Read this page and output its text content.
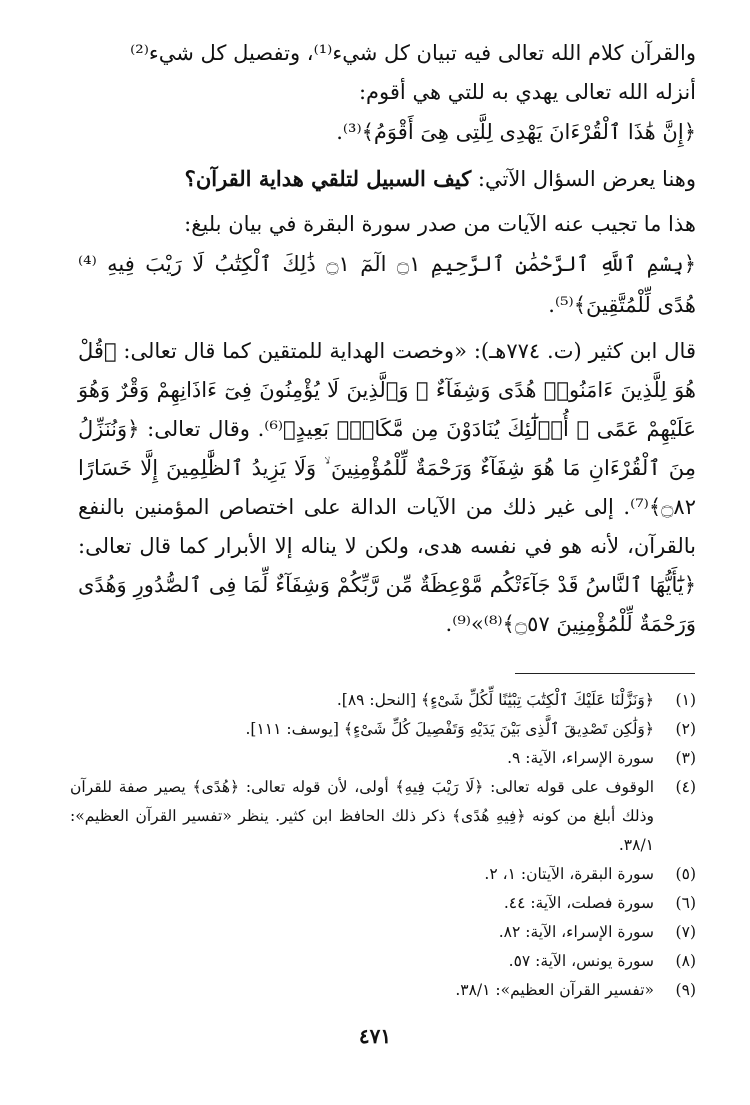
والقرآن كلام الله تعالى فيه تبيان كل شيء⁽¹⁾، وتفصيل كل شيء⁽²⁾
أنزله الله تعالى يهدي به للتي هي أقوم:
﴿إِنَّ هَٰذَا ٱلْقُرْءَانَ يَهْدِى لِلَّتِى هِىَ أَقْوَمُ﴾⁽³⁾.
وهنا يعرض السؤال الآتي: كيف السبيل لتلقي هداية القرآن؟
هذا ما تجيب عنه الآيات من صدر سورة البقرة في بيان بليغ:
﴿بِسْمِ ٱللَّهِ ٱلرَّحْمَٰنِ ٱلرَّحِيمِ ۝١ الٓمٓ ۝١ ذَٰلِكَ ٱلْكِتَٰبُ لَا رَيْبَ فِيهِ ⁽⁴⁾ هُدًى لِّلْمُتَّقِينَ﴾⁽⁵⁾.
قال ابن كثير (ت. ٧٧٤هـ): «وخصت الهداية للمتقين كما قال تعالى: ﴿قُلْ هُوَ لِلَّذِينَ ءَامَنُوا۟ هُدًى وَشِفَآءٌ ۖ وَٱلَّذِينَ لَا يُؤْمِنُونَ فِىٓ ءَاذَانِهِمْ وَقْرٌ وَهُوَ عَلَيْهِمْ عَمًى ۚ أُو۟لَٰٓئِكَ يُنَادَوْنَ مِن مَّكَانٍۭ بَعِيدٍ﴾⁽⁶⁾. وقال تعالى: ﴿وَنُنَزِّلُ مِنَ ٱلْقُرْءَانِ مَا هُوَ شِفَآءٌ وَرَحْمَةٌ لِّلْمُؤْمِنِينَ ۙ وَلَا يَزِيدُ ٱلظَّٰلِمِينَ إِلَّا خَسَارًا ۝٨٢﴾⁽⁷⁾. إلى غير ذلك من الآيات الدالة على اختصاص المؤمنين بالنفع بالقرآن، لأنه هو في نفسه هدى، ولكن لا يناله إلا الأبرار كما قال تعالى: ﴿يَٰٓأَيُّهَا ٱلنَّاسُ قَدْ جَآءَتْكُم مَّوْعِظَةٌ مِّن رَّبِّكُمْ وَشِفَآءٌ لِّمَا فِى ٱلصُّدُورِ وَهُدًى وَرَحْمَةٌ لِّلْمُؤْمِنِينَ ۝٥٧﴾⁽⁸⁾»⁽⁹⁾.
(١)
﴿وَنَزَّلْنَا عَلَيْكَ ٱلْكِتَٰبَ تِبْيَٰنًا لِّكُلِّ شَىْءٍ﴾ [النحل: ٨٩].
(٢)
﴿وَلَٰكِن تَصْدِيقَ ٱلَّذِى بَيْنَ يَدَيْهِ وَتَفْصِيلَ كُلِّ شَىْءٍ﴾ [يوسف: ١١١].
(٣)
سورة الإسراء، الآية: ٩.
(٤)
الوقوف على قوله تعالى: ﴿لَا رَيْبَ فِيهِ﴾ أولى، لأن قوله تعالى: ﴿هُدًى﴾ يصير صفة للقرآن وذلك أبلغ من كونه ﴿فِيهِ هُدًى﴾ ذكر ذلك الحافظ ابن كثير. ينظر «تفسير القرآن العظيم»: ٣٨/١.
(٥)
سورة البقرة، الآيتان: ١، ٢.
(٦)
سورة فصلت، الآية: ٤٤.
(٧)
سورة الإسراء، الآية: ٨٢.
(٨)
سورة يونس، الآية: ٥٧.
(٩)
«تفسير القرآن العظيم»: ٣٨/١.
٤٧١
